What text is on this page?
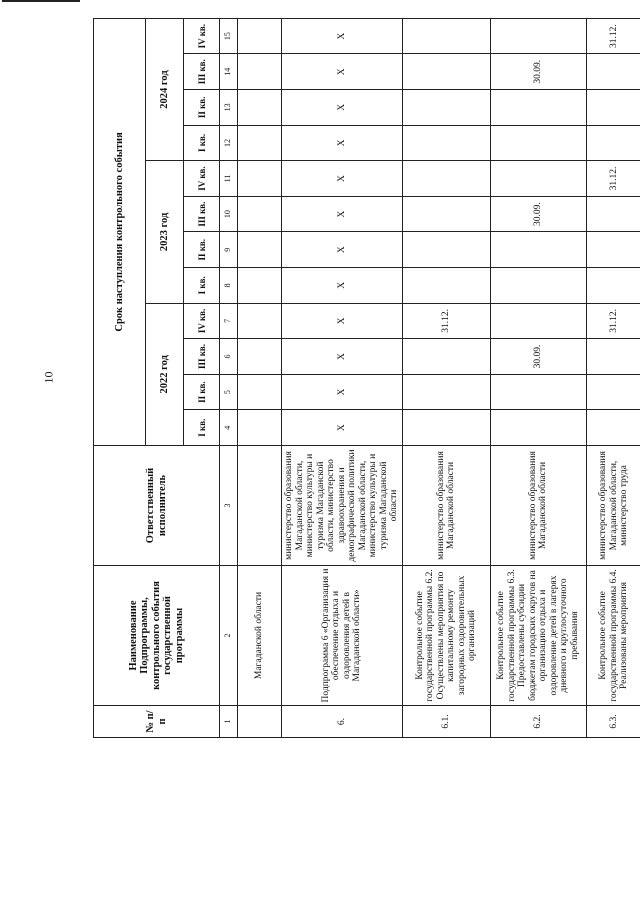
10
№ п/п	Наименование Подпрограммы, контрольного события государственной программы	Ответственный исполнитель	Срок наступления контрольного события											
			2022 год				2023 год				2024 год			
			I кв.	II кв.	III кв.	IV кв.	I кв.	II кв.	III кв.	IV кв.	I кв.	II кв.	III кв.	IV кв.
1	2	3	4	5	6	7	8	9	10	11	12	13	14	15
	Магаданской области													
6.	Подпрограмма 6 «Организация и обеспечение отдыха и оздоровления детей в Магаданской области»	министерство образования Магаданской области, министерство культуры и туризма Магаданской области, министерство здравоохранения и демографической политики Магаданской области, министерство культуры и туризма Магаданской области	X	X	X	X	X	X	X	X	X	X	X	X
6.1.	Контрольное событие государственной программы 6.2. Осуществлены мероприятия по капитальному ремонту загородных оздоровительных организаций	министерство образования Магаданской области				31.12.								
6.2.	Контрольное событие государственной программы 6.3. Предоставлены субсидии бюджетам городских округов на организацию отдыха и оздоровление детей в лагерях дневного и круглосуточного пребывания	министерство образования Магаданской области			30.09.				30.09.				30.09.	
6.3.	Контрольное событие государственной программы 6.4. Реализованы мероприятия	министерство образования Магаданской области, министерство труда				31.12.				31.12.				31.12.
